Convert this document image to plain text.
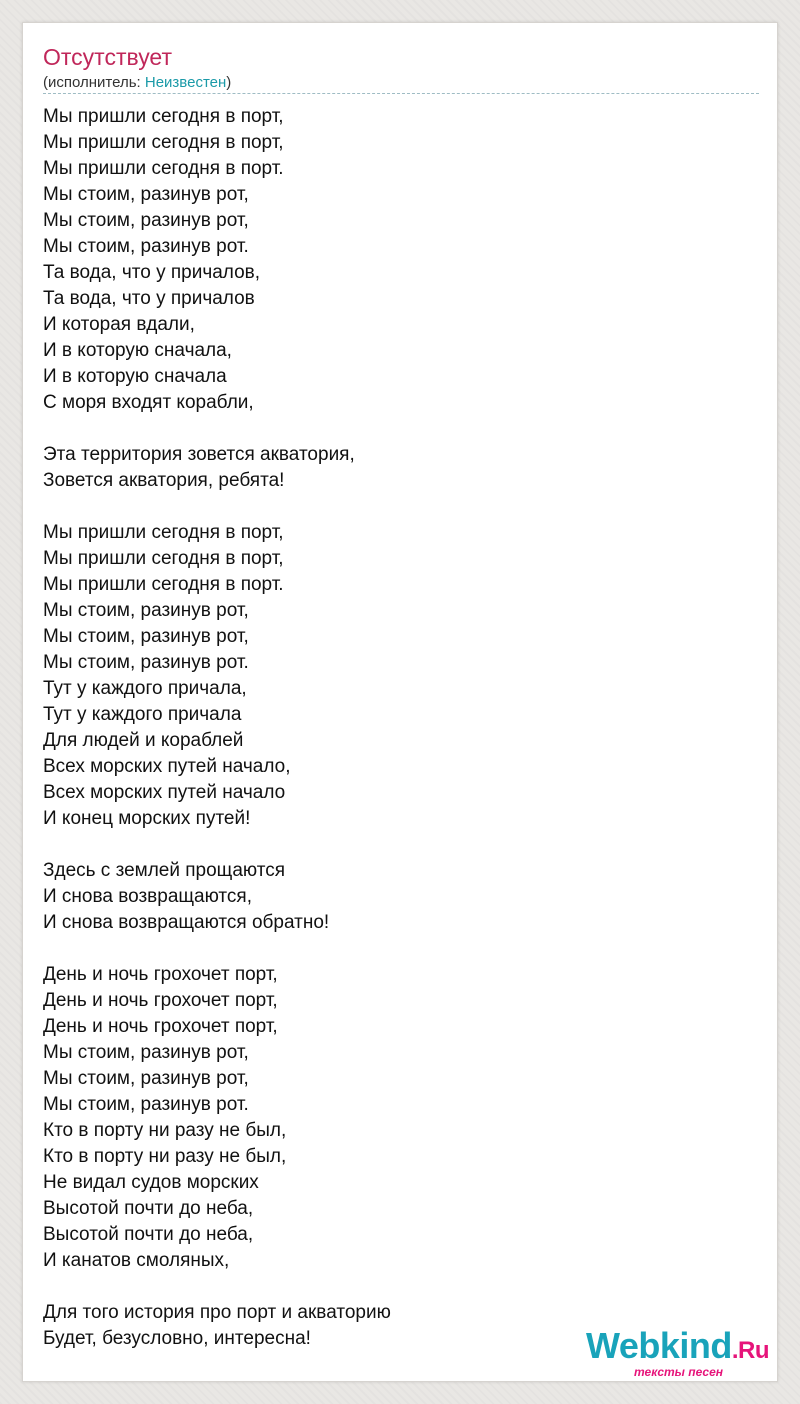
Отсутствует
(исполнитель: Неизвестен)
Мы пришли сегодня в порт,
Мы пришли сегодня в порт,
Мы пришли сегодня в порт.
Мы стоим, разинув рот,
Мы стоим, разинув рот,
Мы стоим, разинув рот.
Та вода, что у причалов,
Та вода, что у причалов
И которая вдали,
И в которую сначала,
И в которую сначала
С моря входят корабли,
Эта территория зовется акватория,
Зовется акватория, ребята!
Мы пришли сегодня в порт,
Мы пришли сегодня в порт,
Мы пришли сегодня в порт.
Мы стоим, разинув рот,
Мы стоим, разинув рот,
Мы стоим, разинув рот.
Тут у каждого причала,
Тут у каждого причала
Для людей и кораблей
Всех морских путей начало,
Всех морских путей начало
И конец морских путей!
Здесь с землей прощаются
И снова возвращаются,
И снова возвращаются обратно!
День и ночь грохочет порт,
День и ночь грохочет порт,
День и ночь грохочет порт,
Мы стоим, разинув рот,
Мы стоим, разинув рот,
Мы стоим, разинув рот.
Кто в порту ни разу не был,
Кто в порту ни разу не был,
Не видал судов морских
Высотой почти до неба,
Высотой почти до неба,
И канатов смоляных,
Для того история про порт и акваторию
Будет, безусловно, интересна!	Webkind.Ru
тексты песен
